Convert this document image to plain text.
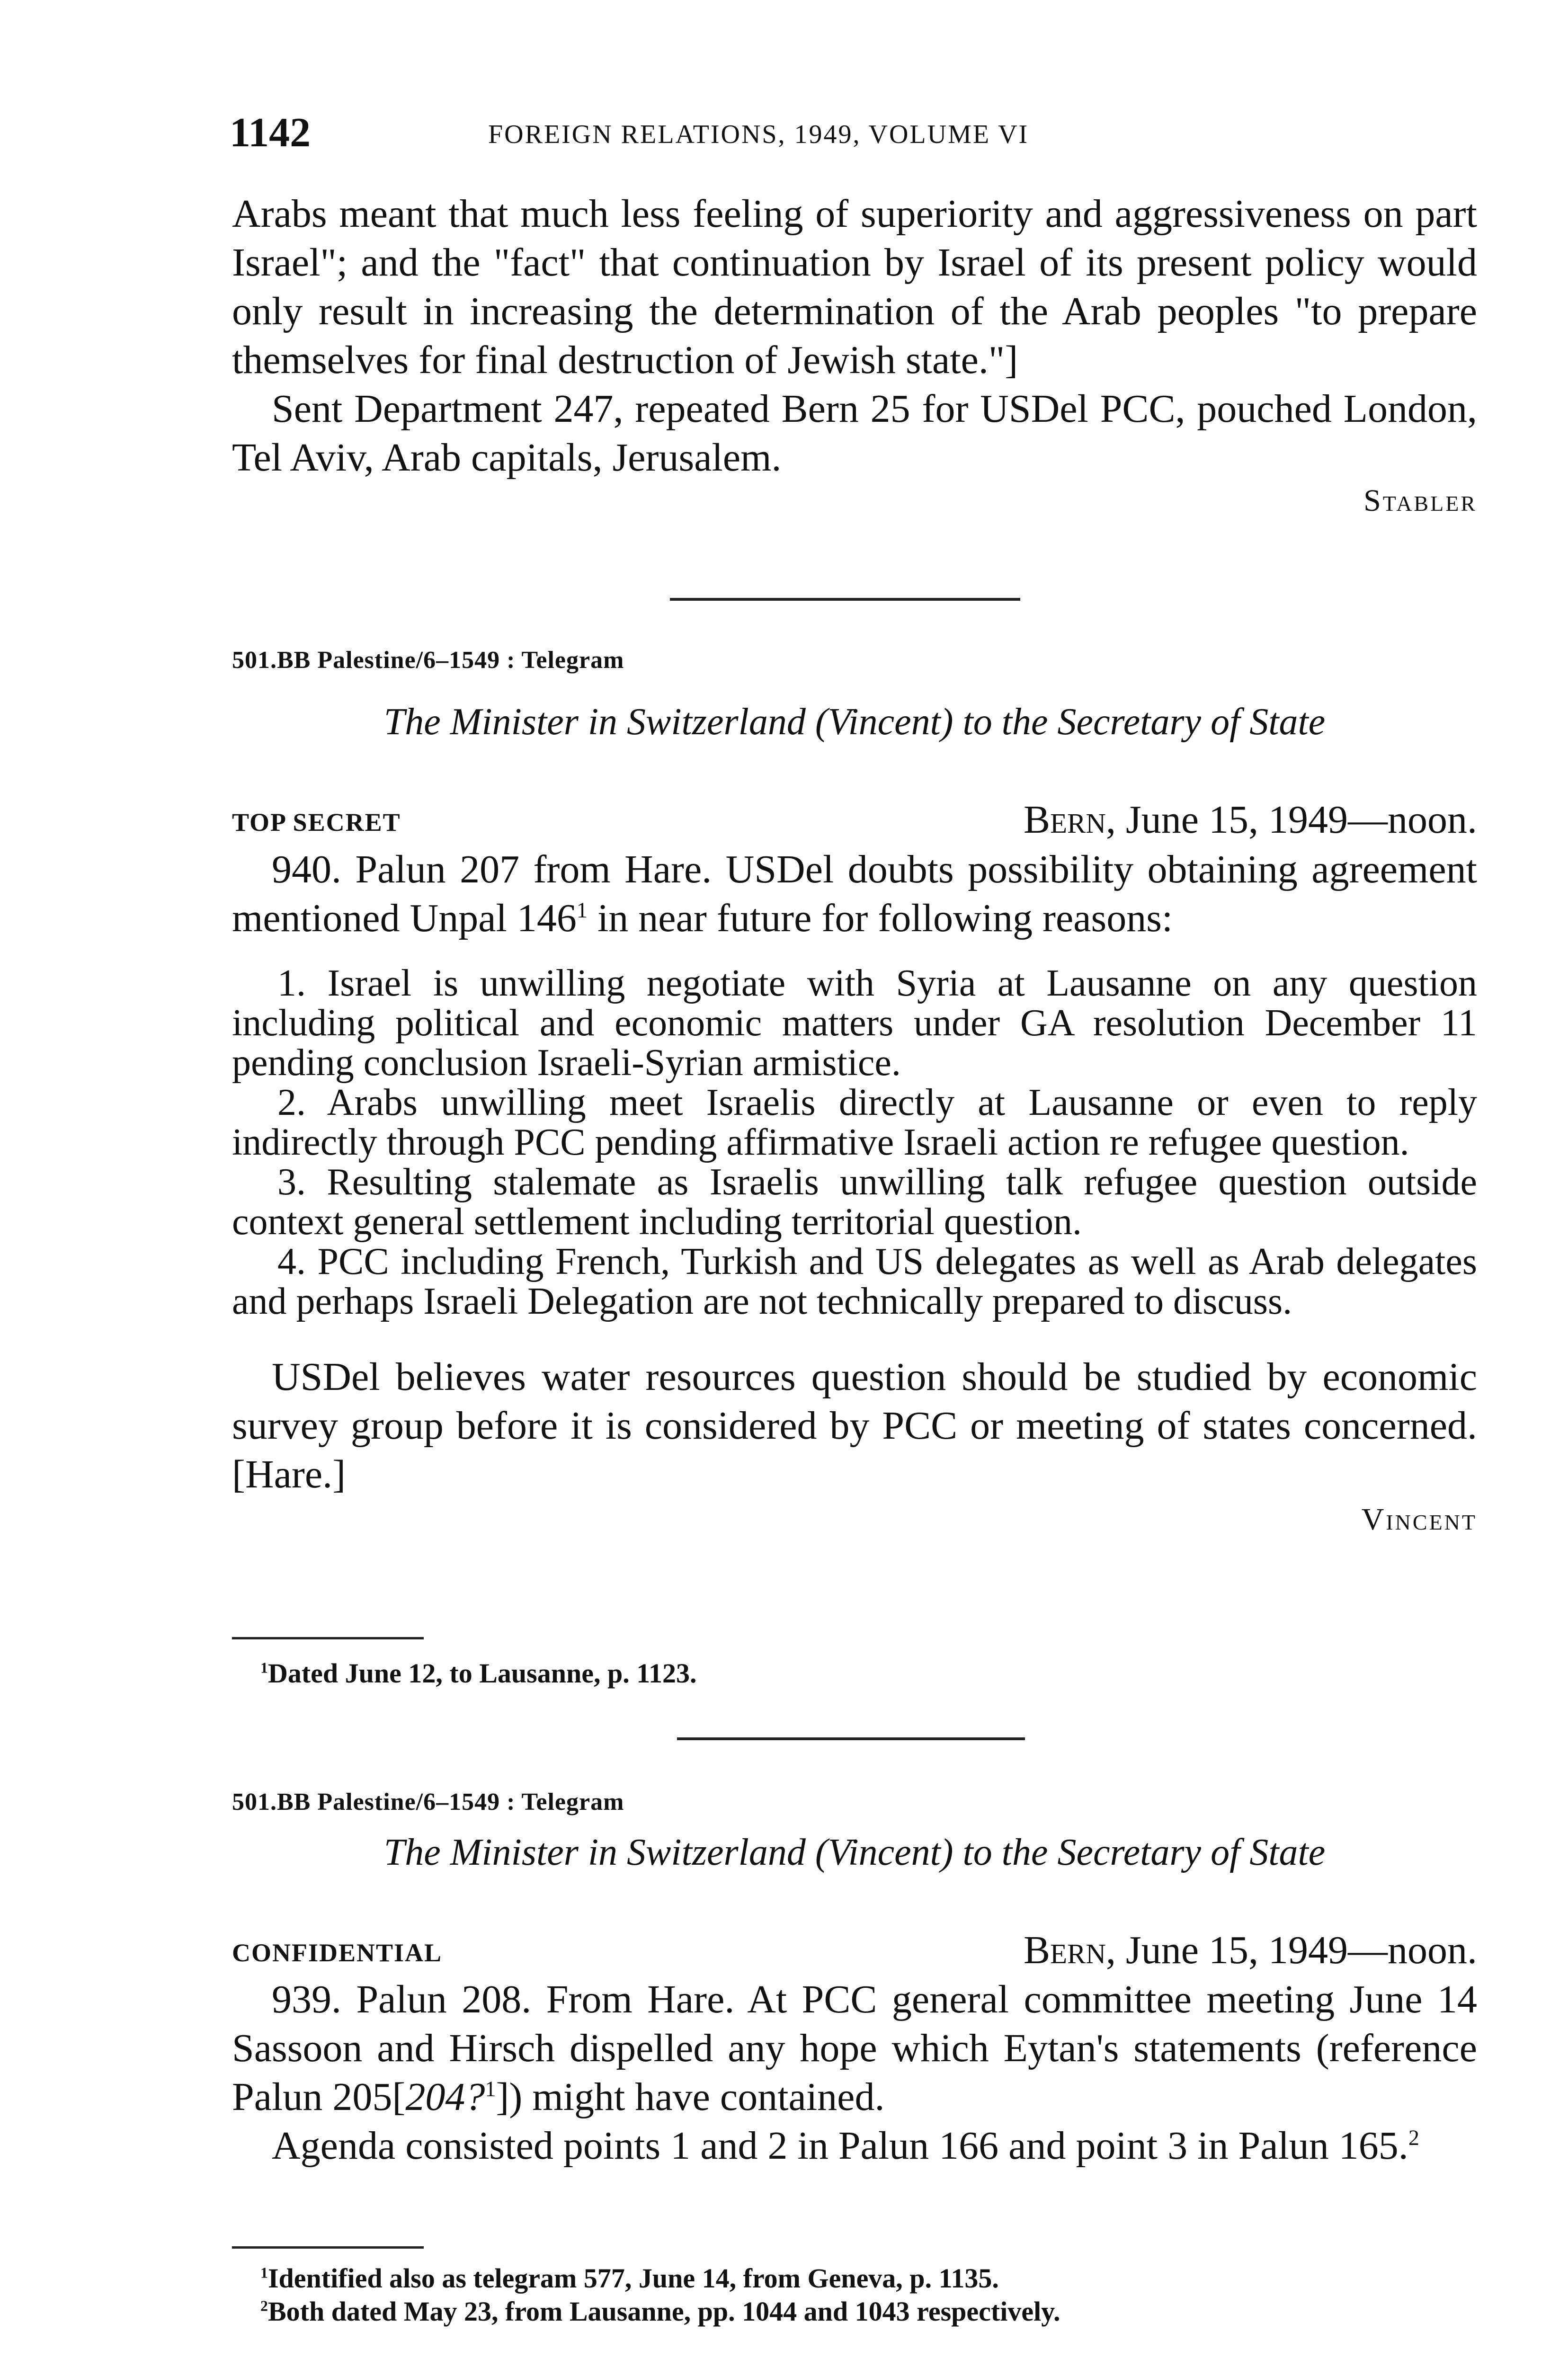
1142	FOREIGN RELATIONS, 1949, VOLUME VI

Arabs meant that much less feeling of superiority and aggressiveness on part Israel"; and the "fact" that continuation by Israel of its present policy would only result in increasing the determination of the Arab peoples "to prepare themselves for final destruction of Jewish state."]

Sent Department 247, repeated Bern 25 for USDel PCC, pouched London, Tel Aviv, Arab capitals, Jerusalem.

Stabler
501.BB Palestine/6–1549 : Telegram
The Minister in Switzerland (Vincent) to the Secretary of State
TOP SECRET	Bern, June 15, 1949—noon.

940. Palun 207 from Hare. USDel doubts possibility obtaining agreement mentioned Unpal $146^1$ in near future for following reasons:

1. Israel is unwilling negotiate with Syria at Lausanne on any question including political and economic matters under GA resolution December 11 pending conclusion Israeli-Syrian armistice.

2. Arabs unwilling meet Israelis directly at Lausanne or even to reply indirectly through PCC pending affirmative Israeli action re refugee question.

3. Resulting stalemate as Israelis unwilling talk refugee question outside context general settlement including territorial question.

4. PCC including French, Turkish and US delegates as well as Arab delegates and perhaps Israeli Delegation are not technically prepared to discuss.

USDel believes water resources question should be studied by economic survey group before it is considered by PCC or meeting of states concerned. [Hare.]

Vincent

$^1$Dated June 12, to Lausanne, p. 1123.

501.BB Palestine/6–1549 : Telegram
The Minister in Switzerland (Vincent) to the Secretary of State
CONFIDENTIAL	Bern, June 15, 1949—noon.

939. Palun 208. From Hare. At PCC general committee meeting June 14 Sassoon and Hirsch dispelled any hope which Eytan's statements (reference Palun 205[204?$^1$]) might have contained.

Agenda consisted points 1 and 2 in Palun 166 and point 3 in Palun 165.$^2$

$^1$Identified also as telegram 577, June 14, from Geneva, p. 1135.

$^2$Both dated May 23, from Lausanne, pp. 1044 and 1043 respectively.
